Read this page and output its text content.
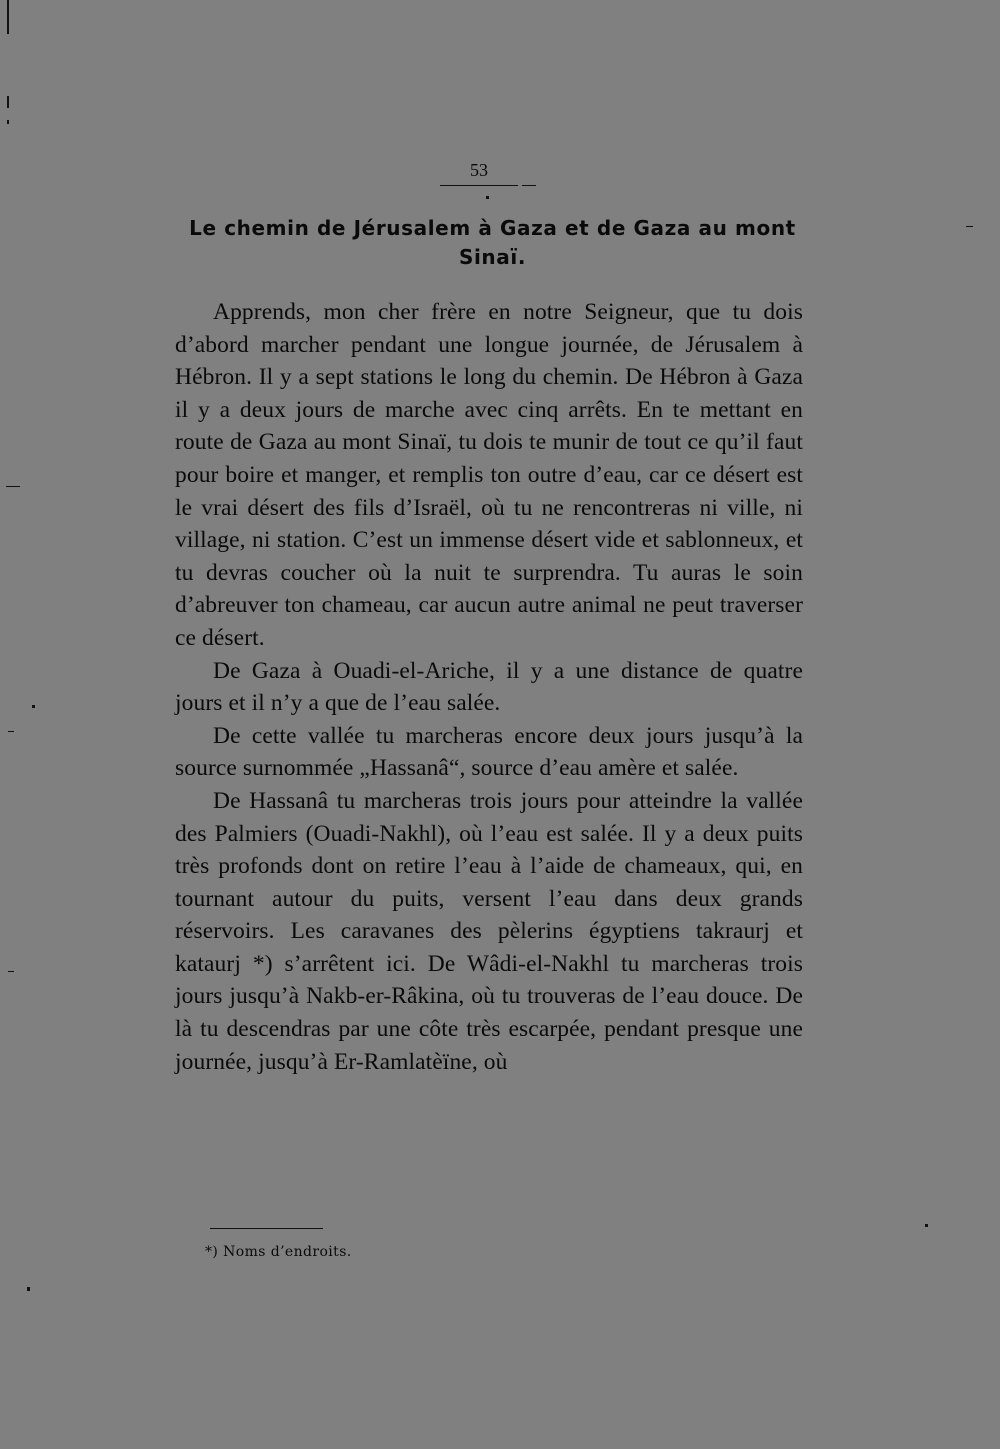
53
Le chemin de Jérusalem à Gaza et de Gaza au mont Sinaï.

Apprends, mon cher frère en notre Seigneur, que tu dois d’abord marcher pendant une longue journée, de Jérusalem à Hébron. Il y a sept stations le long du chemin. De Hébron à Gaza il y a deux jours de marche avec cinq arrêts. En te mettant en route de Gaza au mont Sinaï, tu dois te munir de tout ce qu’il faut pour boire et manger, et remplis ton outre d’eau, car ce désert est le vrai désert des fils d’Israël, où tu ne rencontreras ni ville, ni village, ni station. C’est un immense désert vide et sablonneux, et tu devras coucher où la nuit te surprendra. Tu auras le soin d’abreuver ton chameau, car aucun autre animal ne peut traverser ce désert.

De Gaza à Ouadi-el-Ariche, il y a une distance de quatre jours et il n’y a que de l’eau salée.

De cette vallée tu marcheras encore deux jours jusqu’à la source surnommée „Hassanâ“, source d’eau amère et salée.

De Hassanâ tu marcheras trois jours pour atteindre la vallée des Palmiers (Ouadi-Nakhl), où l’eau est salée. Il y a deux puits très profonds dont on retire l’eau à l’aide de chameaux, qui, en tournant autour du puits, versent l’eau dans deux grands réservoirs. Les caravanes des pèlerins égyptiens takraurj et kataurj *) s’arrêtent ici. De Wâdi-el-Nakhl tu marcheras trois jours jusqu’à Nakb-er-Râkina, où tu trouveras de l’eau douce. De là tu descendras par une côte très escarpée, pendant presque une journée, jusqu’à Er-Ramlatèïne, où

*) Noms d’endroits.
